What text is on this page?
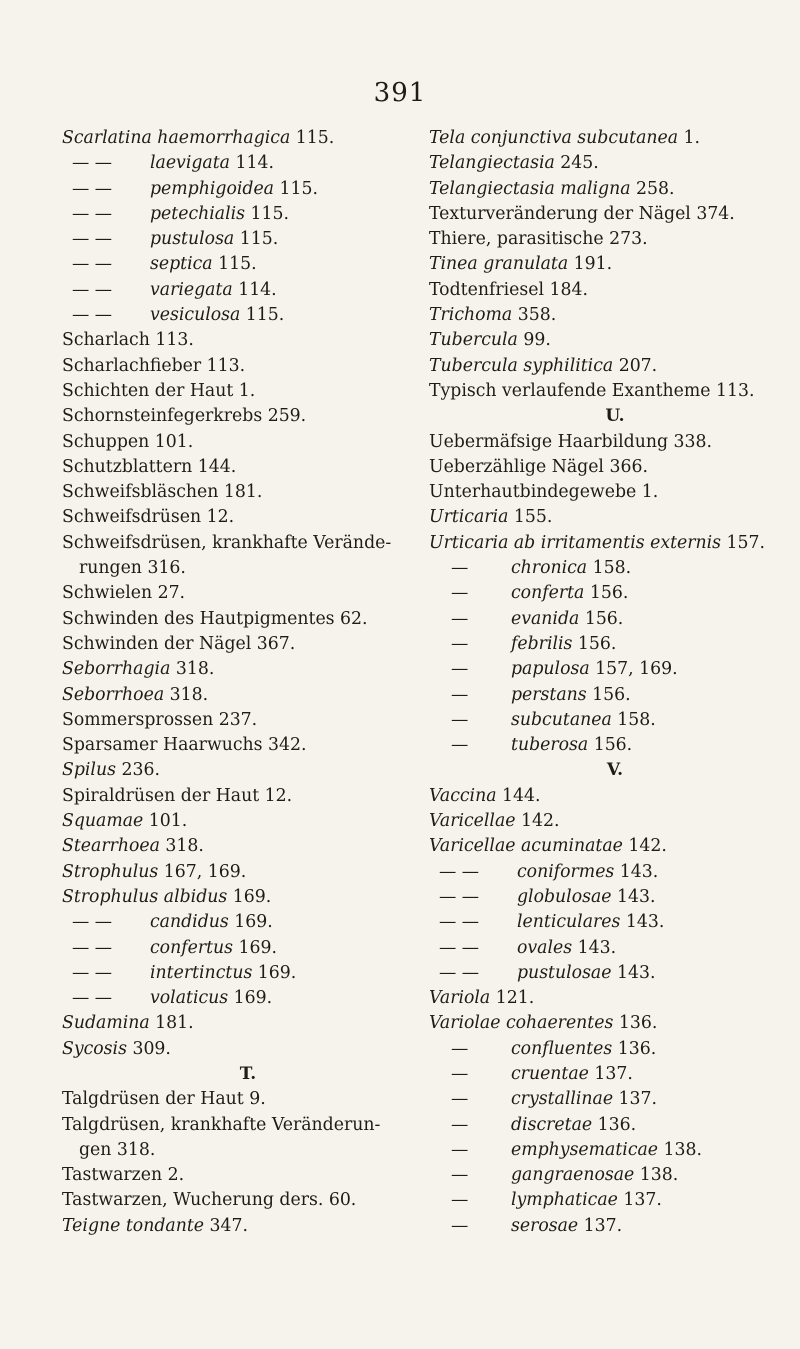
391
Scarlatina haemorrhagica 115.
— — laevigata 114.
— — pemphigoidea 115.
— — petechialis 115.
— — pustulosa 115.
— — septica 115.
— — variegata 114.
— — vesiculosa 115.
Scharlach 113.
Scharlachfieber 113.
Schichten der Haut 1.
Schornsteinfegerkrebs 259.
Schuppen 101.
Schutzblattern 144.
Schweifsbläschen 181.
Schweifsdrüsen 12.
Schweifsdrüsen, krankhafte Verände-
rungen 316.
Schwielen 27.
Schwinden des Hautpigmentes 62.
Schwinden der Nägel 367.
Seborrhagia 318.
Seborrhoea 318.
Sommersprossen 237.
Sparsamer Haarwuchs 342.
Spilus 236.
Spiraldrüsen der Haut 12.
Squamae 101.
Stearrhoea 318.
Strophulus 167, 169.
Strophulus albidus 169.
— — candidus 169.
— — confertus 169.
— — intertinctus 169.
— — volaticus 169.
Sudamina 181.
Sycosis 309.
T.
Talgdrüsen der Haut 9.
Talgdrüsen, krankhafte Veränderun-
gen 318.
Tastwarzen 2.
Tastwarzen, Wucherung ders. 60.
Teigne tondante 347.
Tela conjunctiva subcutanea 1.
Telangiectasia 245.
Telangiectasia maligna 258.
Texturveränderung der Nägel 374.
Thiere, parasitische 273.
Tinea granulata 191.
Todtenfriesel 184.
Trichoma 358.
Tubercula 99.
Tubercula syphilitica 207.
Typisch verlaufende Exantheme 113.
U.
Uebermäfsige Haarbildung 338.
Ueberzählige Nägel 366.
Unterhautbindegewebe 1.
Urticaria 155.
Urticaria ab irritamentis externis 157.
— chronica 158.
— conferta 156.
— evanida 156.
— febrilis 156.
— papulosa 157, 169.
— perstans 156.
— subcutanea 158.
— tuberosa 156.
V.
Vaccina 144.
Varicellae 142.
Varicellae acuminatae 142.
— — coniformes 143.
— — globulosae 143.
— — lenticulares 143.
— — ovales 143.
— — pustulosae 143.
Variola 121.
Variolae cohaerentes 136.
— confluentes 136.
— cruentae 137.
— crystallinae 137.
— discretae 136.
— emphysematicae 138.
— gangraenosae 138.
— lymphaticae 137.
— serosae 137.
